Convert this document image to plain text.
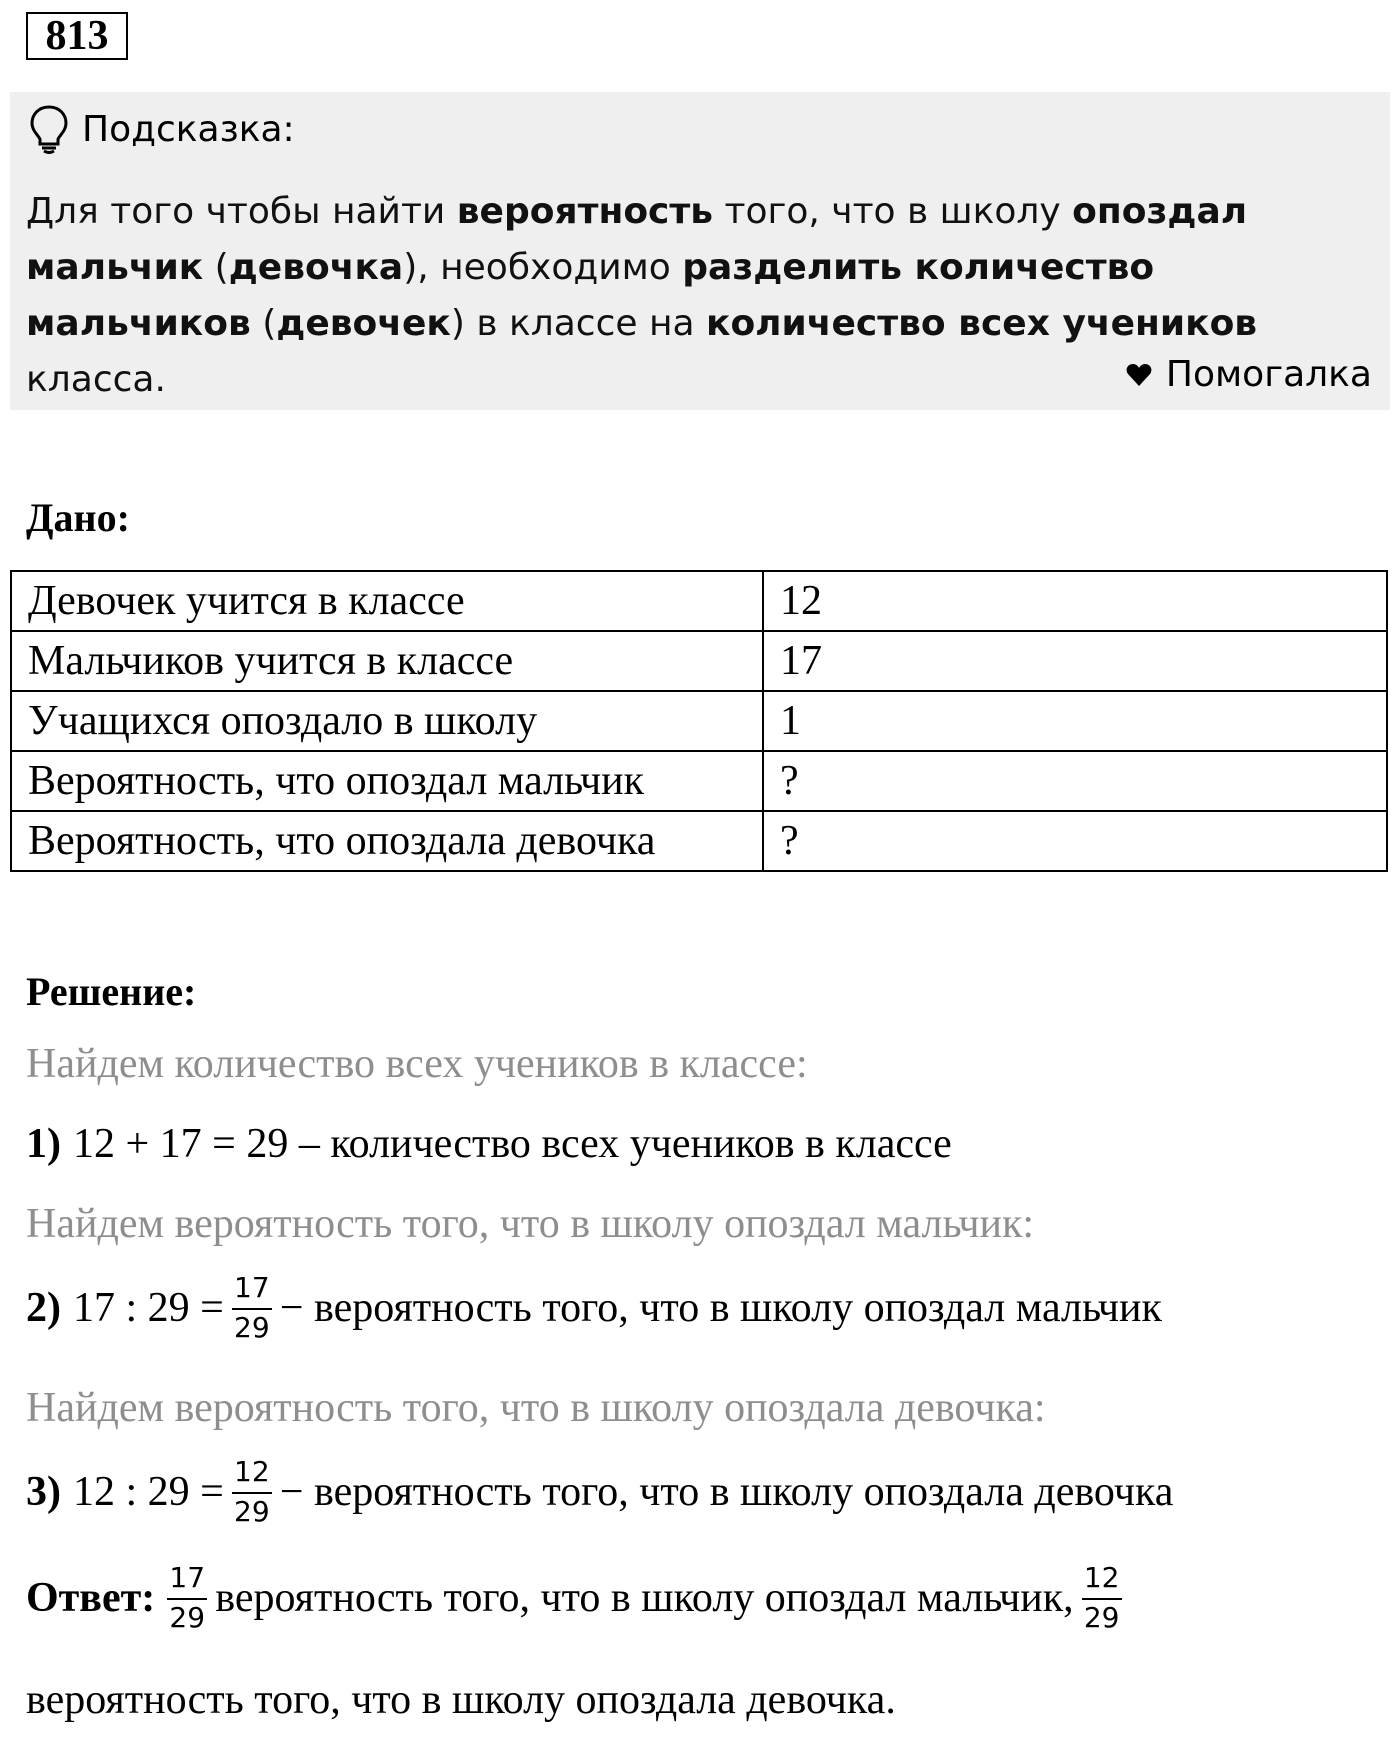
813
Подсказка:
Для того чтобы найти вероятность того, что в школу опоздал мальчик (девочка), необходимо разделить количество мальчиков (девочек) в классе на количество всех учеников класса.	Помогалка
Дано:
Девочек учится в классе	12
Мальчиков учится в классе	17
Учащихся опоздало в школу	1
Вероятность, что опоздал мальчик	?
Вероятность, что опоздала девочка	?
Решение:
Найдем количество всех учеников в классе:
1) 12 + 17 = 29 – количество всех учеников в классе
Найдем вероятность того, что в школу опоздал мальчик:
2) 17 : $29 = \frac{17}{29}$ − вероятность того, что в школу опоздал мальчик
Найдем вероятность того, что в школу опоздала девочка:
3) 12 : $29 = \frac{12}{29}$ − вероятность того, что в школу опоздала девочка
Ответ: $\frac{17}{29}$ вероятность того, что в школу опоздал мальчик, $\frac{12}{29}$
вероятность того, что в школу опоздала девочка.
